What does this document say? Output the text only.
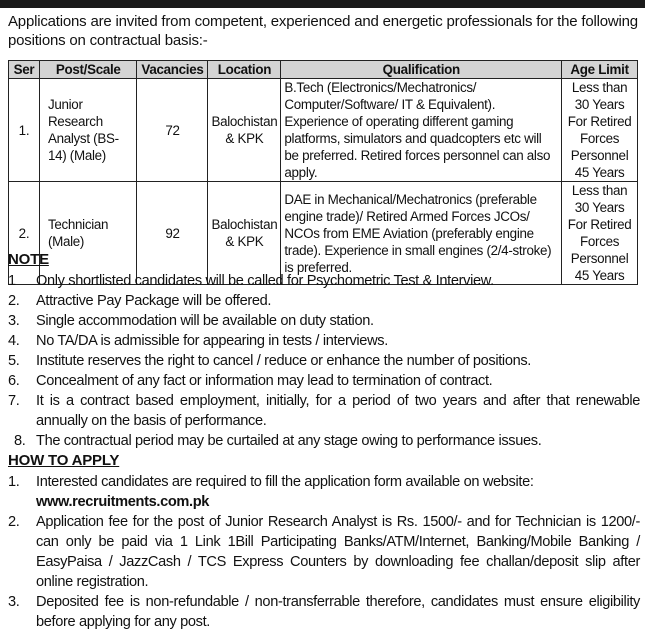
Applications are invited from competent, experienced and energetic professionals for the following positions on contractual basis:-
Ser	Post/Scale	Vacancies	Location	Qualification	Age Limit
1.	Junior Research Analyst (BS-14) (Male)	72	Balochistan & KPK	B.Tech (Electronics/Mechatronics/ Computer/Software/ IT & Equivalent). Experience of operating different gaming platforms, simulators and quadcopters etc will be preferred. Retired forces personnel can also apply.	Less than 30 Years For Retired Forces Personnel 45 Years
2.	Technician (Male)	92	Balochistan & KPK	DAE in Mechanical/Mechatronics (preferable engine trade)/ Retired Armed Forces JCOs/ NCOs from EME Aviation (preferably engine trade). Experience in small engines (2/4-stroke) is preferred.	Less than 30 Years For Retired Forces Personnel 45 Years
NOTE
1	Only shortlisted candidates will be called for Psychometric Test & Interview.
2.	Attractive Pay Package will be offered.
3.	Single accommodation will be available on duty station.
4.	No TA/DA is admissible for appearing in tests / interviews.
5.	Institute reserves the right to cancel / reduce or enhance the number of positions.
6.	Concealment of any fact or information may lead to termination of contract.
7.	It is a contract based employment, initially, for a period of two years and after that renewable annually on the basis of performance.
8. The contractual period may be curtailed at any stage owing to performance issues.
HOW TO APPLY
1.	Interested candidates are required to fill the application form available on website:
www.recruitments.com.pk
2.	Application fee for the post of Junior Research Analyst is Rs. 1500/- and for Technician is 1200/- can only be paid via 1 Link 1Bill Participating Banks/ATM/Internet, Banking/Mobile Banking / EasyPaisa / JazzCash / TCS Express Counters by downloading fee challan/deposit slip after online registration.
3.	Deposited fee is non-refundable / non-transferrable therefore, candidates must ensure eligibility before applying for any post.
